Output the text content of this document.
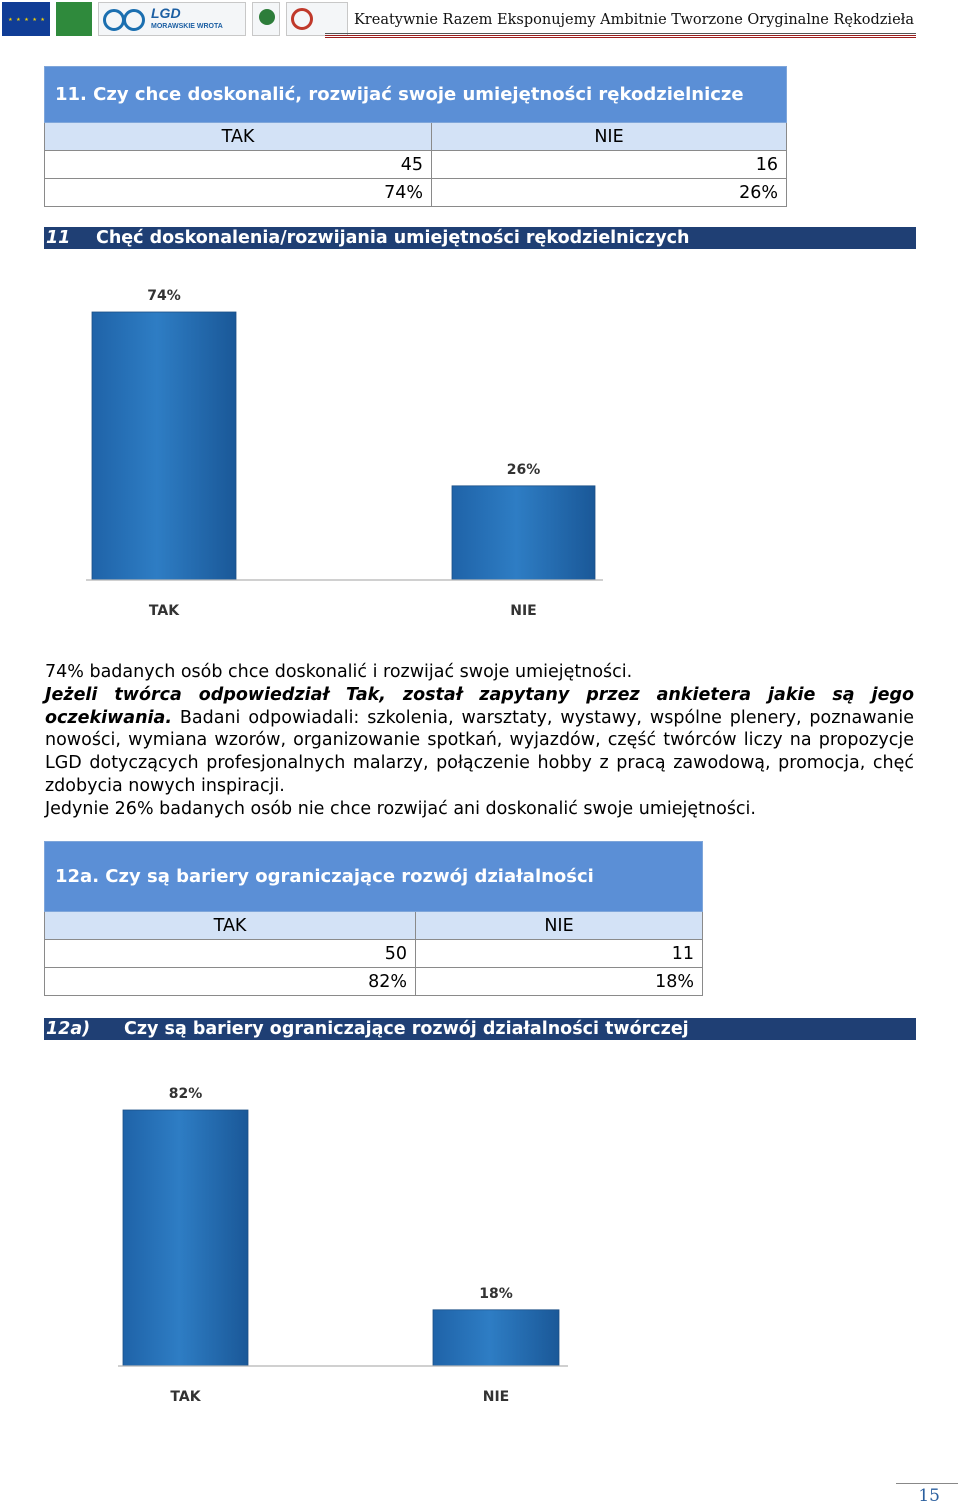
★ ★ ★ ★ ★	LGD
MORAWSKIE WROTA	Kreatywnie Razem Eksponujemy Ambitnie Tworzone Oryginalne Rękodzieła
11. Czy chce doskonalić, rozwijać swoje umiejętności rękodzielnicze	
TAK	NIE
45	16
74%	26%
11 Chęć doskonalenia/rozwijania umiejętności rękodzielniczych
74%
TAK
26%
NIE

74% badanych osób chce doskonalić i rozwijać swoje umiejętności.

Jeżeli twórca odpowiedział Tak, został zapytany przez ankietera jakie są jego oczekiwania. Badani odpowiadali: szkolenia, warsztaty, wystawy, wspólne plenery, poznawanie nowości, wymiana wzorów, organizowanie spotkań, wyjazdów, część twórców liczy na propozycje LGD dotyczących profesjonalnych malarzy, połączenie hobby z pracą zawodową, promocja, chęć zdobycia nowych inspiracji.

Jedynie 26% badanych osób nie chce rozwijać ani doskonalić swoje umiejętności.

12a. Czy są bariery ograniczające rozwój działalności	
TAK	NIE
50	11
82%	18%
12a) Czy są bariery ograniczające rozwój działalności twórczej
82%
TAK
18%
NIE
15
